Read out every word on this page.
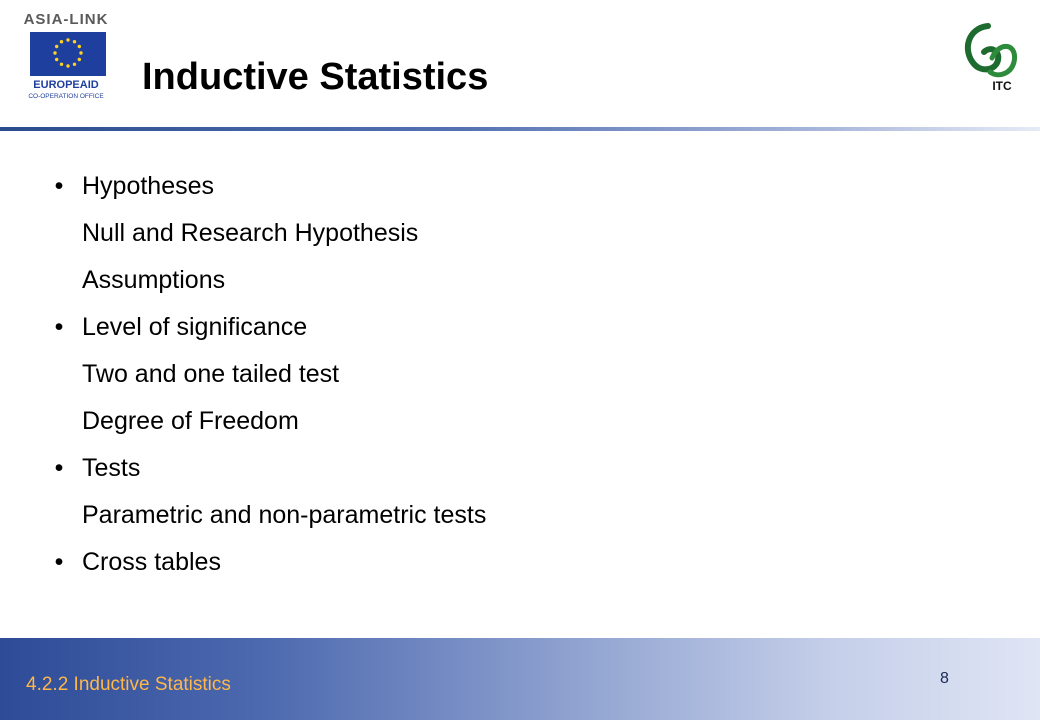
ASIA-LINK
EUROPEAID
CO-OPERATION OFFICE Inductive Statistics	ITC
• Hypotheses
Null and Research Hypothesis
Assumptions
• Level of significance
Two and one tailed test
Degree of Freedom
• Tests
Parametric and non-parametric tests
• Cross tables
4.2.2 Inductive Statistics	8
